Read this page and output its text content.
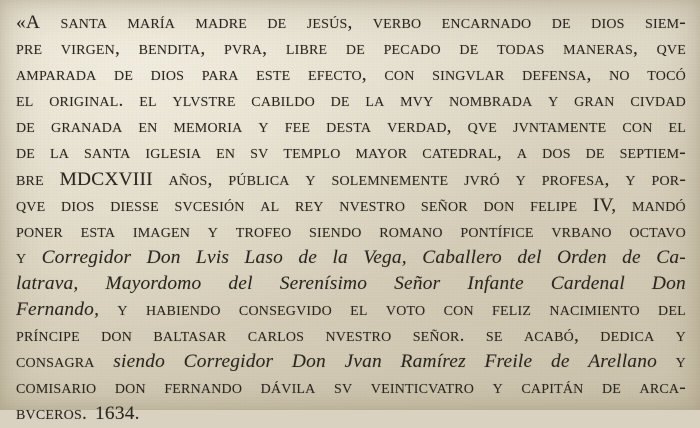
«A santa maría madre de jesús, verbo encarnado de dios siem-
pre virgen, bendita, pvra, libre de pecado de todas maneras, qve
amparada de dios para este efecto, con singvlar defensa, no tocó
el original. el ylvstre cabildo de la mvy nombrada y gran civdad
de granada en memoria y fee desta verdad, qve jvntamente con el
de la santa iglesia en sv templo mayor catedral, a dos de septiem-
bre MDCXVIII años, pública y solemnemente jvró y profesa, y por-
qve dios diesse svcesión al rey nvestro señor don felipe IV, mandó
poner esta imagen y trofeo siendo romano pontífice vrbano octavo
y Corregidor Don Lvis Laso de la Vega, Caballero del Orden de Ca-
latrava, Mayordomo del Serenísimo Señor Infante Cardenal Don
Fernando, y habiendo consegvido el voto con feliz nacimiento del
príncipe don baltasar carlos nvestro señor. se acabó, dedica y
consagra siendo Corregidor Don Jvan Ramírez Freile de Arellano y
comisario don fernando dávila sv veinticvatro y capitán de arca-
bvceros. 1634.
